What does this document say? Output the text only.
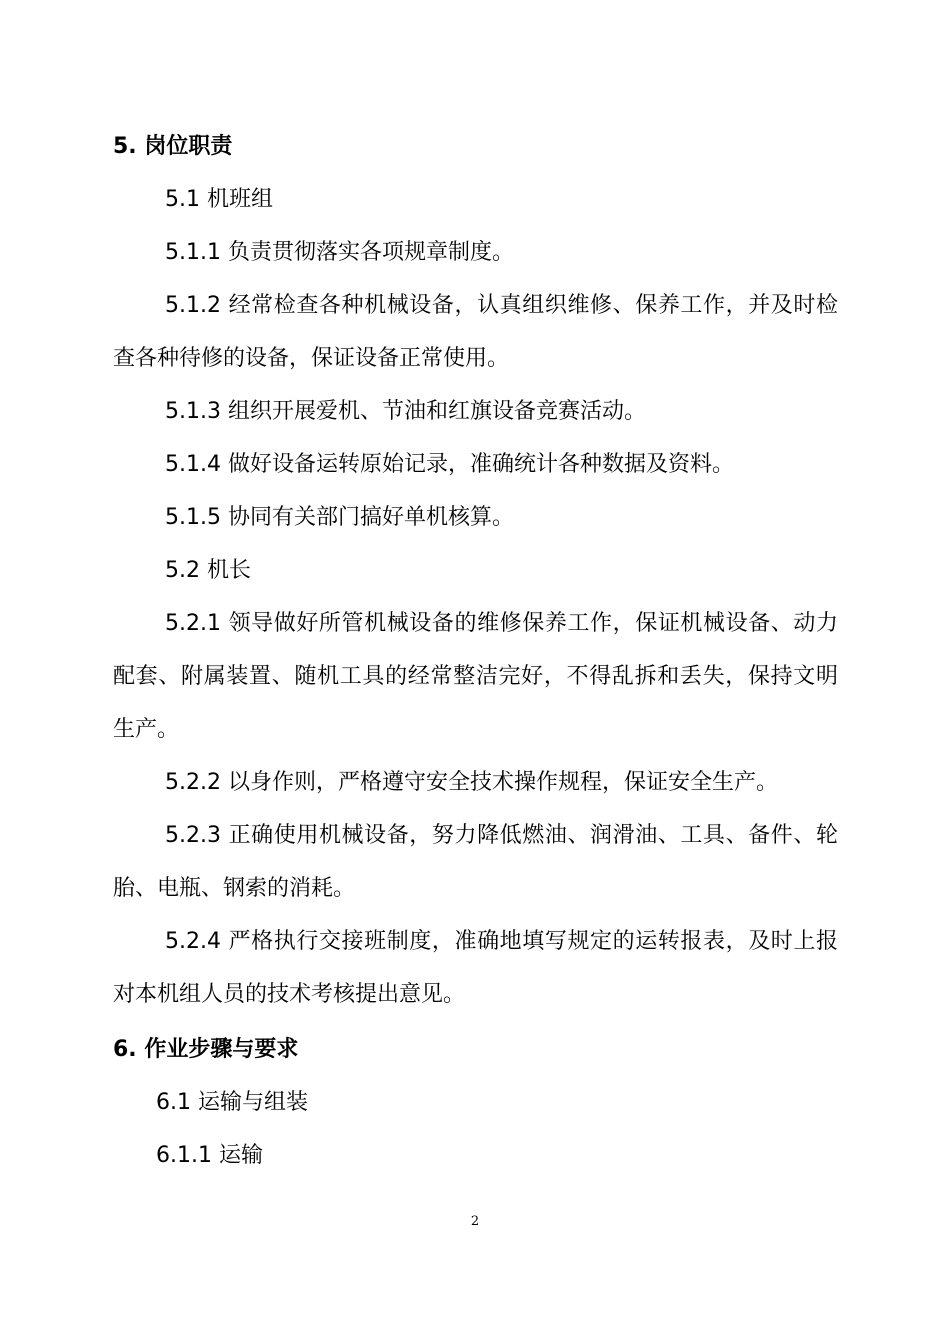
5. 岗位职责
5.1 机班组
5.1.1 负责贯彻落实各项规章制度。
5.1.2 经常检查各种机械设备，认真组织维修、保养工作，并及时检
查各种待修的设备，保证设备正常使用。
5.1.3 组织开展爱机、节油和红旗设备竞赛活动。
5.1.4 做好设备运转原始记录，准确统计各种数据及资料。
5.1.5 协同有关部门搞好单机核算。
5.2 机长
5.2.1 领导做好所管机械设备的维修保养工作，保证机械设备、动力
配套、附属装置、随机工具的经常整洁完好，不得乱拆和丢失，保持文明
生产。
5.2.2 以身作则，严格遵守安全技术操作规程，保证安全生产。
5.2.3 正确使用机械设备，努力降低燃油、润滑油、工具、备件、轮
胎、电瓶、钢索的消耗。
5.2.4 严格执行交接班制度，准确地填写规定的运转报表，及时上报
对本机组人员的技术考核提出意见。
6. 作业步骤与要求
6.1 运输与组装
6.1.1 运输
2
